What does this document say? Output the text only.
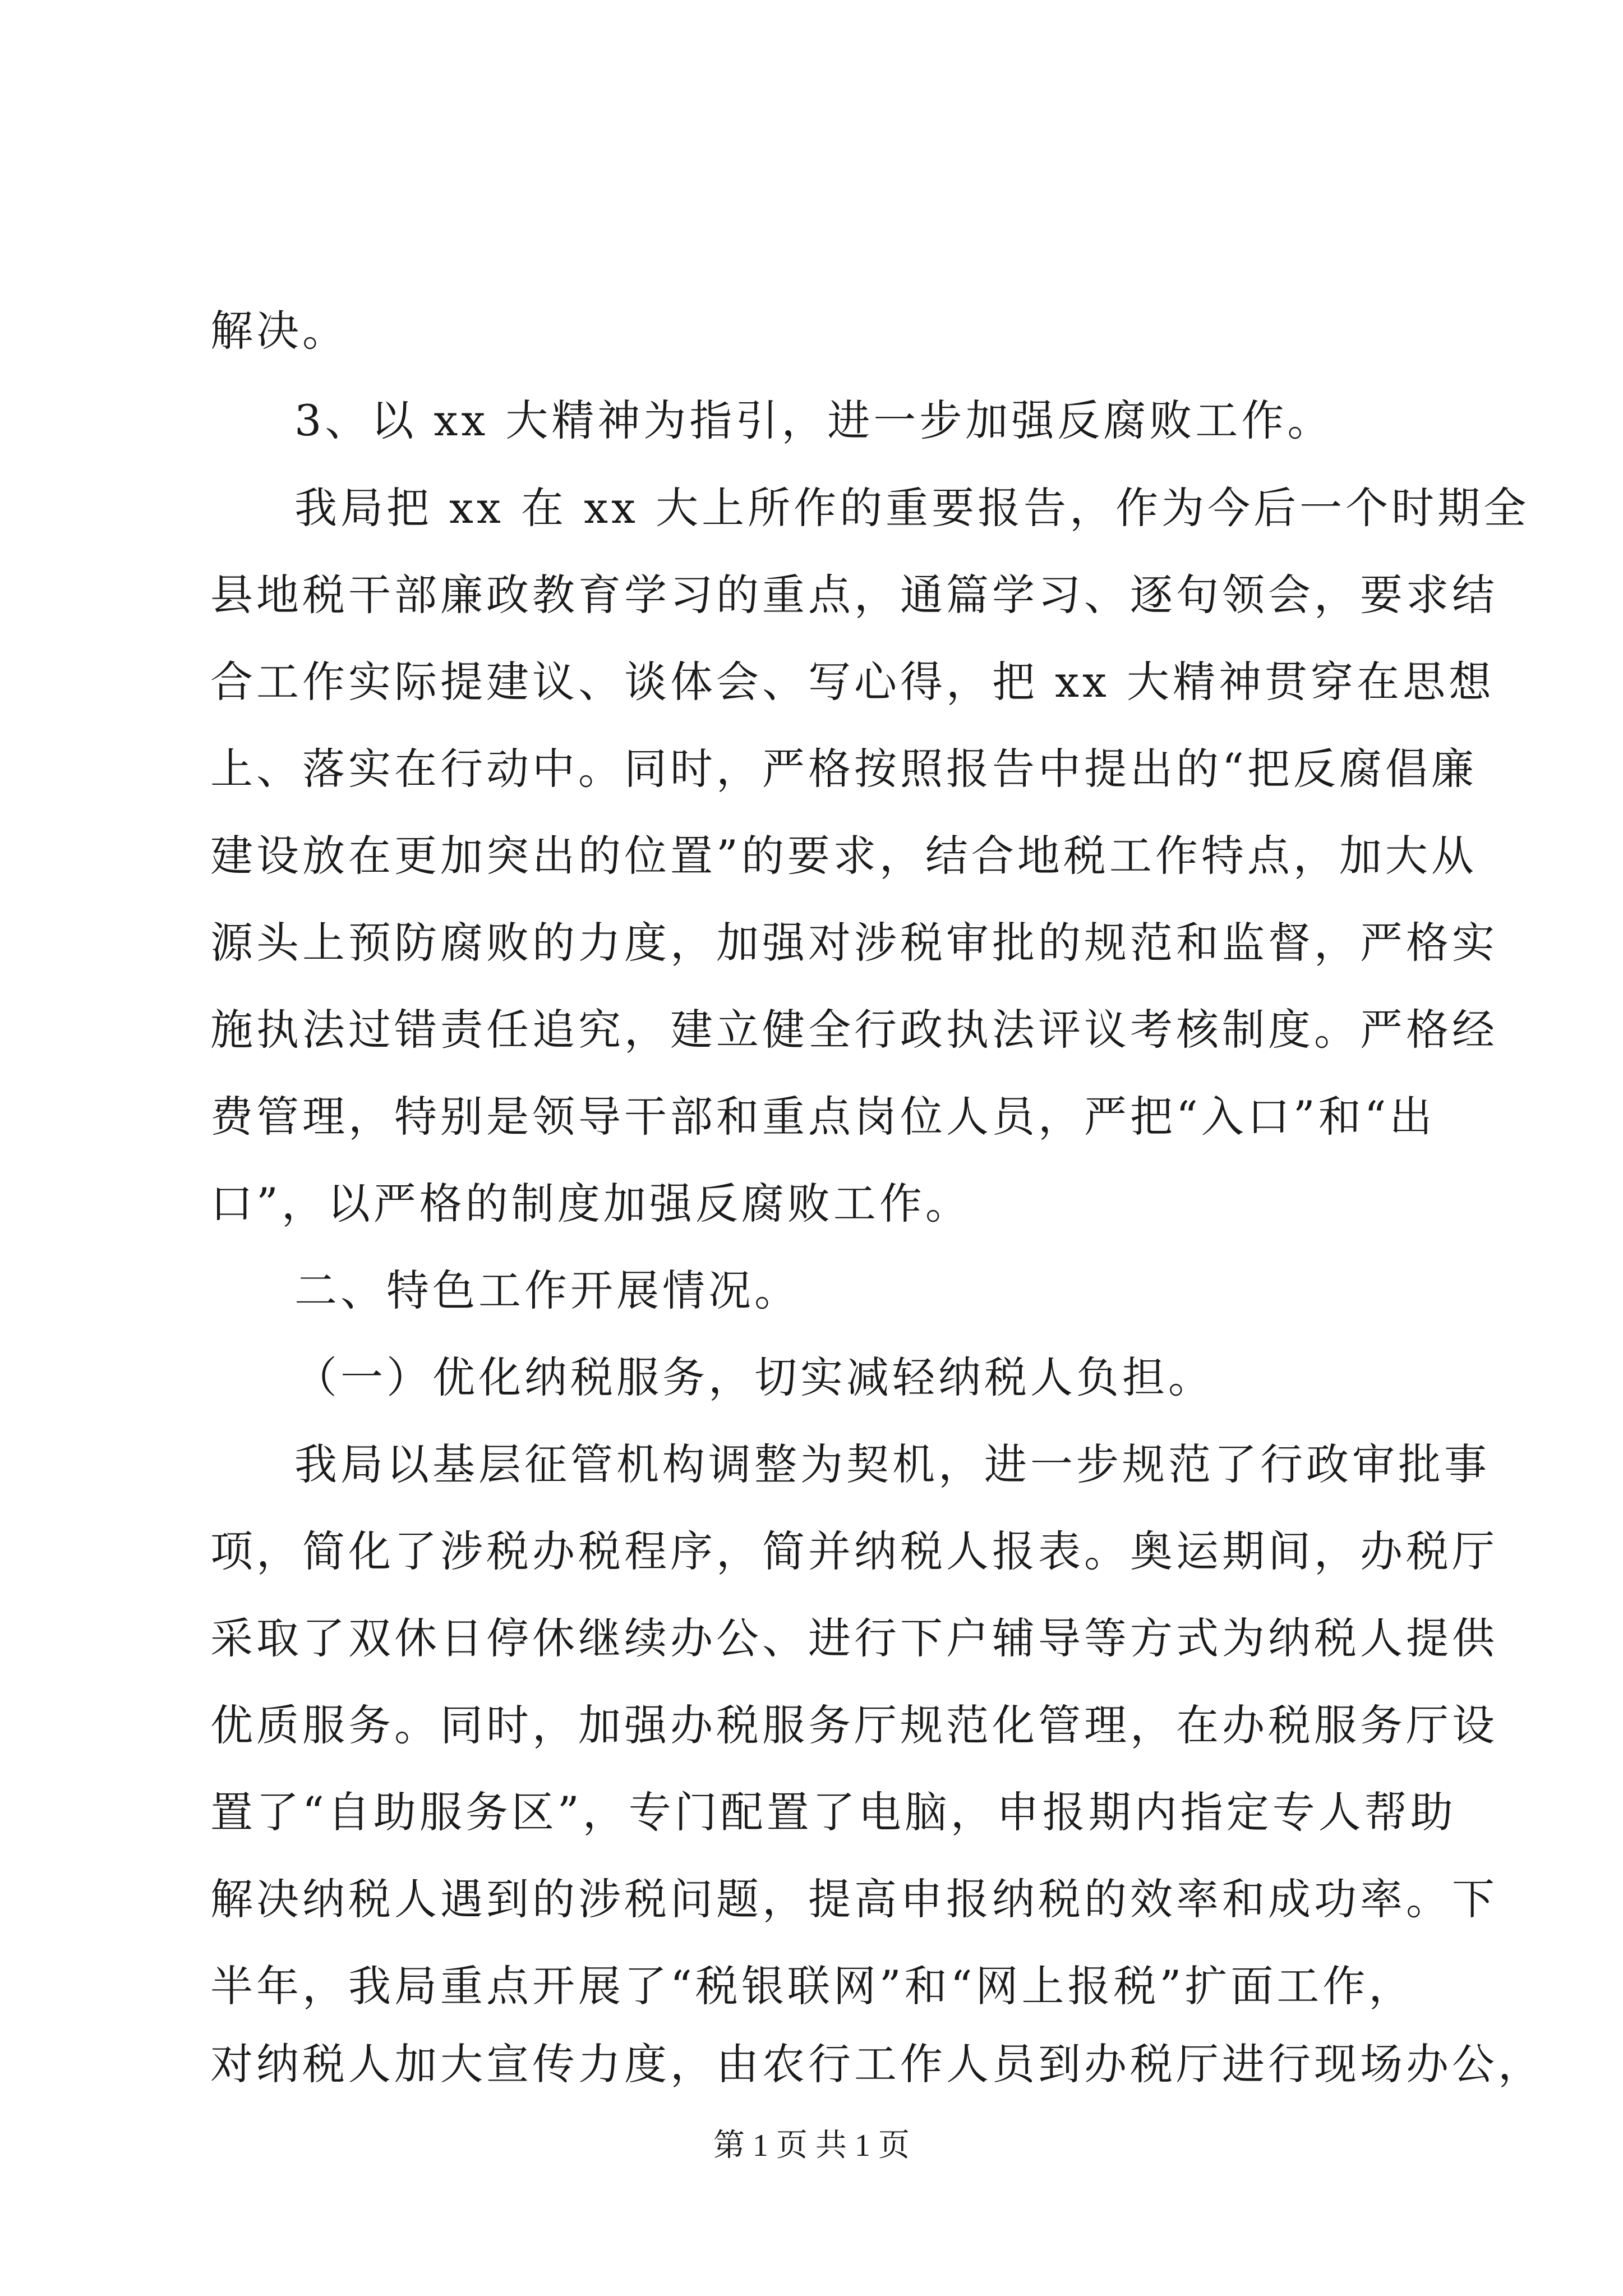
解决。
3、以 xx 大精神为指引，进一步加强反腐败工作。
我局把 xx 在 xx 大上所作的重要报告，作为今后一个时期全
县地税干部廉政教育学习的重点，通篇学习、逐句领会，要求结
合工作实际提建议、谈体会、写心得，把 xx 大精神贯穿在思想
上、落实在行动中。同时，严格按照报告中提出的“把反腐倡廉
建设放在更加突出的位置”的要求，结合地税工作特点，加大从
源头上预防腐败的力度，加强对涉税审批的规范和监督，严格实
施执法过错责任追究，建立健全行政执法评议考核制度。严格经
费管理，特别是领导干部和重点岗位人员，严把“入口”和“出
口”，以严格的制度加强反腐败工作。
二、特色工作开展情况。
（一）优化纳税服务，切实减轻纳税人负担。
我局以基层征管机构调整为契机，进一步规范了行政审批事
项，简化了涉税办税程序，简并纳税人报表。奥运期间，办税厅
采取了双休日停休继续办公、进行下户辅导等方式为纳税人提供
优质服务。同时，加强办税服务厅规范化管理，在办税服务厅设
置了“自助服务区”，专门配置了电脑，申报期内指定专人帮助
解决纳税人遇到的涉税问题，提高申报纳税的效率和成功率。下
半年，我局重点开展了“税银联网”和“网上报税”扩面工作，
对纳税人加大宣传力度，由农行工作人员到办税厅进行现场办公，
第 1 页 共 1 页
